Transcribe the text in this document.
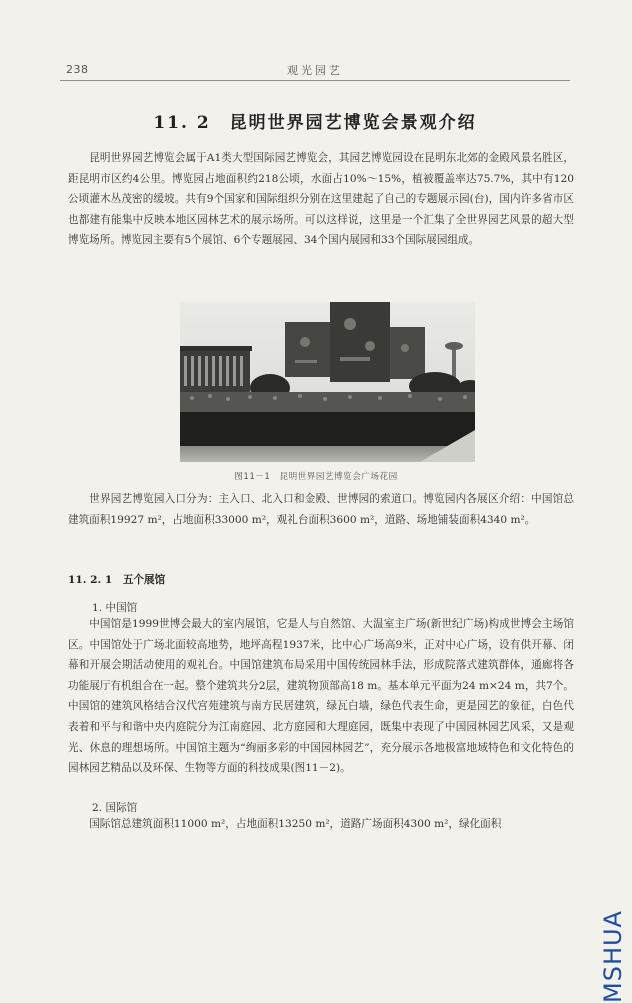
238	观光园艺
11. 2　昆明世界园艺博览会景观介绍

昆明世界园艺博览会属于A1类大型国际园艺博览会，其园艺博览园设在昆明东北郊的金殿风景名胜区，距昆明市区约4公里。博览园占地面积约218公顷，水面占10%～15%，植被覆盖率达75.7%，其中有120公顷灌木丛茂密的缓坡。共有9个国家和国际组织分别在这里建起了自己的专题展示园(台)，国内许多省市区也都建有能集中反映本地区园林艺术的展示场所。可以这样说，这里是一个汇集了全世界园艺风景的超大型博览场所。博览园主要有5个展馆、6个专题展园、34个国内展园和33个国际展园组成。

图11－1　昆明世界园艺博览会广场花园

世界园艺博览园入口分为：主入口、北入口和金殿、世博园的索道口。博览园内各展区介绍：中国馆总建筑面积19927 m²，占地面积33000 m²，观礼台面积3600 m²，道路、场地铺装面积4340 m²。

11. 2. 1　五个展馆
1. 中国馆

中国馆是1999世博会最大的室内展馆，它是人与自然馆、大温室主广场(新世纪广场)构成世博会主场馆区。中国馆处于广场北面较高地势，地坪高程1937米，比中心广场高9米，正对中心广场，设有供开幕、闭幕和开展会期活动使用的观礼台。中国馆建筑布局采用中国传统园林手法，形成院落式建筑群体，通廊将各功能展厅有机组合在一起。整个建筑共分2层，建筑物顶部高18 m。基本单元平面为24 m×24 m，共7个。中国馆的建筑风格结合汉代宫苑建筑与南方民居建筑，绿瓦白墙，绿色代表生命，更是园艺的象征，白色代表着和平与和谐中央内庭院分为江南庭园、北方庭园和大理庭园，既集中表现了中国园林园艺风采，又是观光、休息的理想场所。中国馆主题为“绚丽多彩的中国园林园艺”，充分展示各地极富地域特色和文化特色的园林园艺精品以及环保、生物等方面的科技成果(图11－2)。

2. 国际馆

国际馆总建筑面积11000 m²，占地面积13250 m²，道路广场面积4300 m²，绿化面积

MSHUA
